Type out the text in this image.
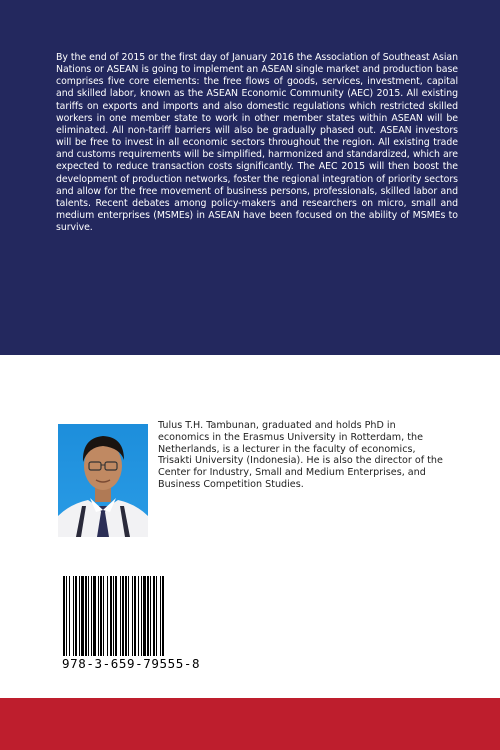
By the end of 2015 or the first day of January 2016 the Association of Southeast Asian Nations or ASEAN is going to implement an ASEAN single market and production base comprises five core elements: the free flows of goods, services, investment, capital and skilled labor, known as the ASEAN Economic Community (AEC) 2015. All existing tariffs on exports and imports and also domestic regulations which restricted skilled workers in one member state to work in other member states within ASEAN will be eliminated. All non-tariff barriers will also be gradually phased out. ASEAN investors will be free to invest in all economic sectors throughout the region. All existing trade and customs requirements will be simplified, harmonized and standardized, which are expected to reduce transaction costs significantly. The AEC 2015 will then boost the development of production networks, foster the regional integration of priority sectors and allow for the free movement of business persons, professionals, skilled labor and talents. Recent debates among policy-makers and researchers on micro, small and medium enterprises (MSMEs) in ASEAN have been focused on the ability of MSMEs to survive.

Tulus T.H. Tambunan, graduated and holds PhD in economics in the Erasmus University in Rotterdam, the Netherlands, is a lecturer in the faculty of economics, Trisakti University (Indonesia). He is also the director of the Center for Industry, Small and Medium Enterprises, and Business Competition Studies.

978-3-659-79555-8
